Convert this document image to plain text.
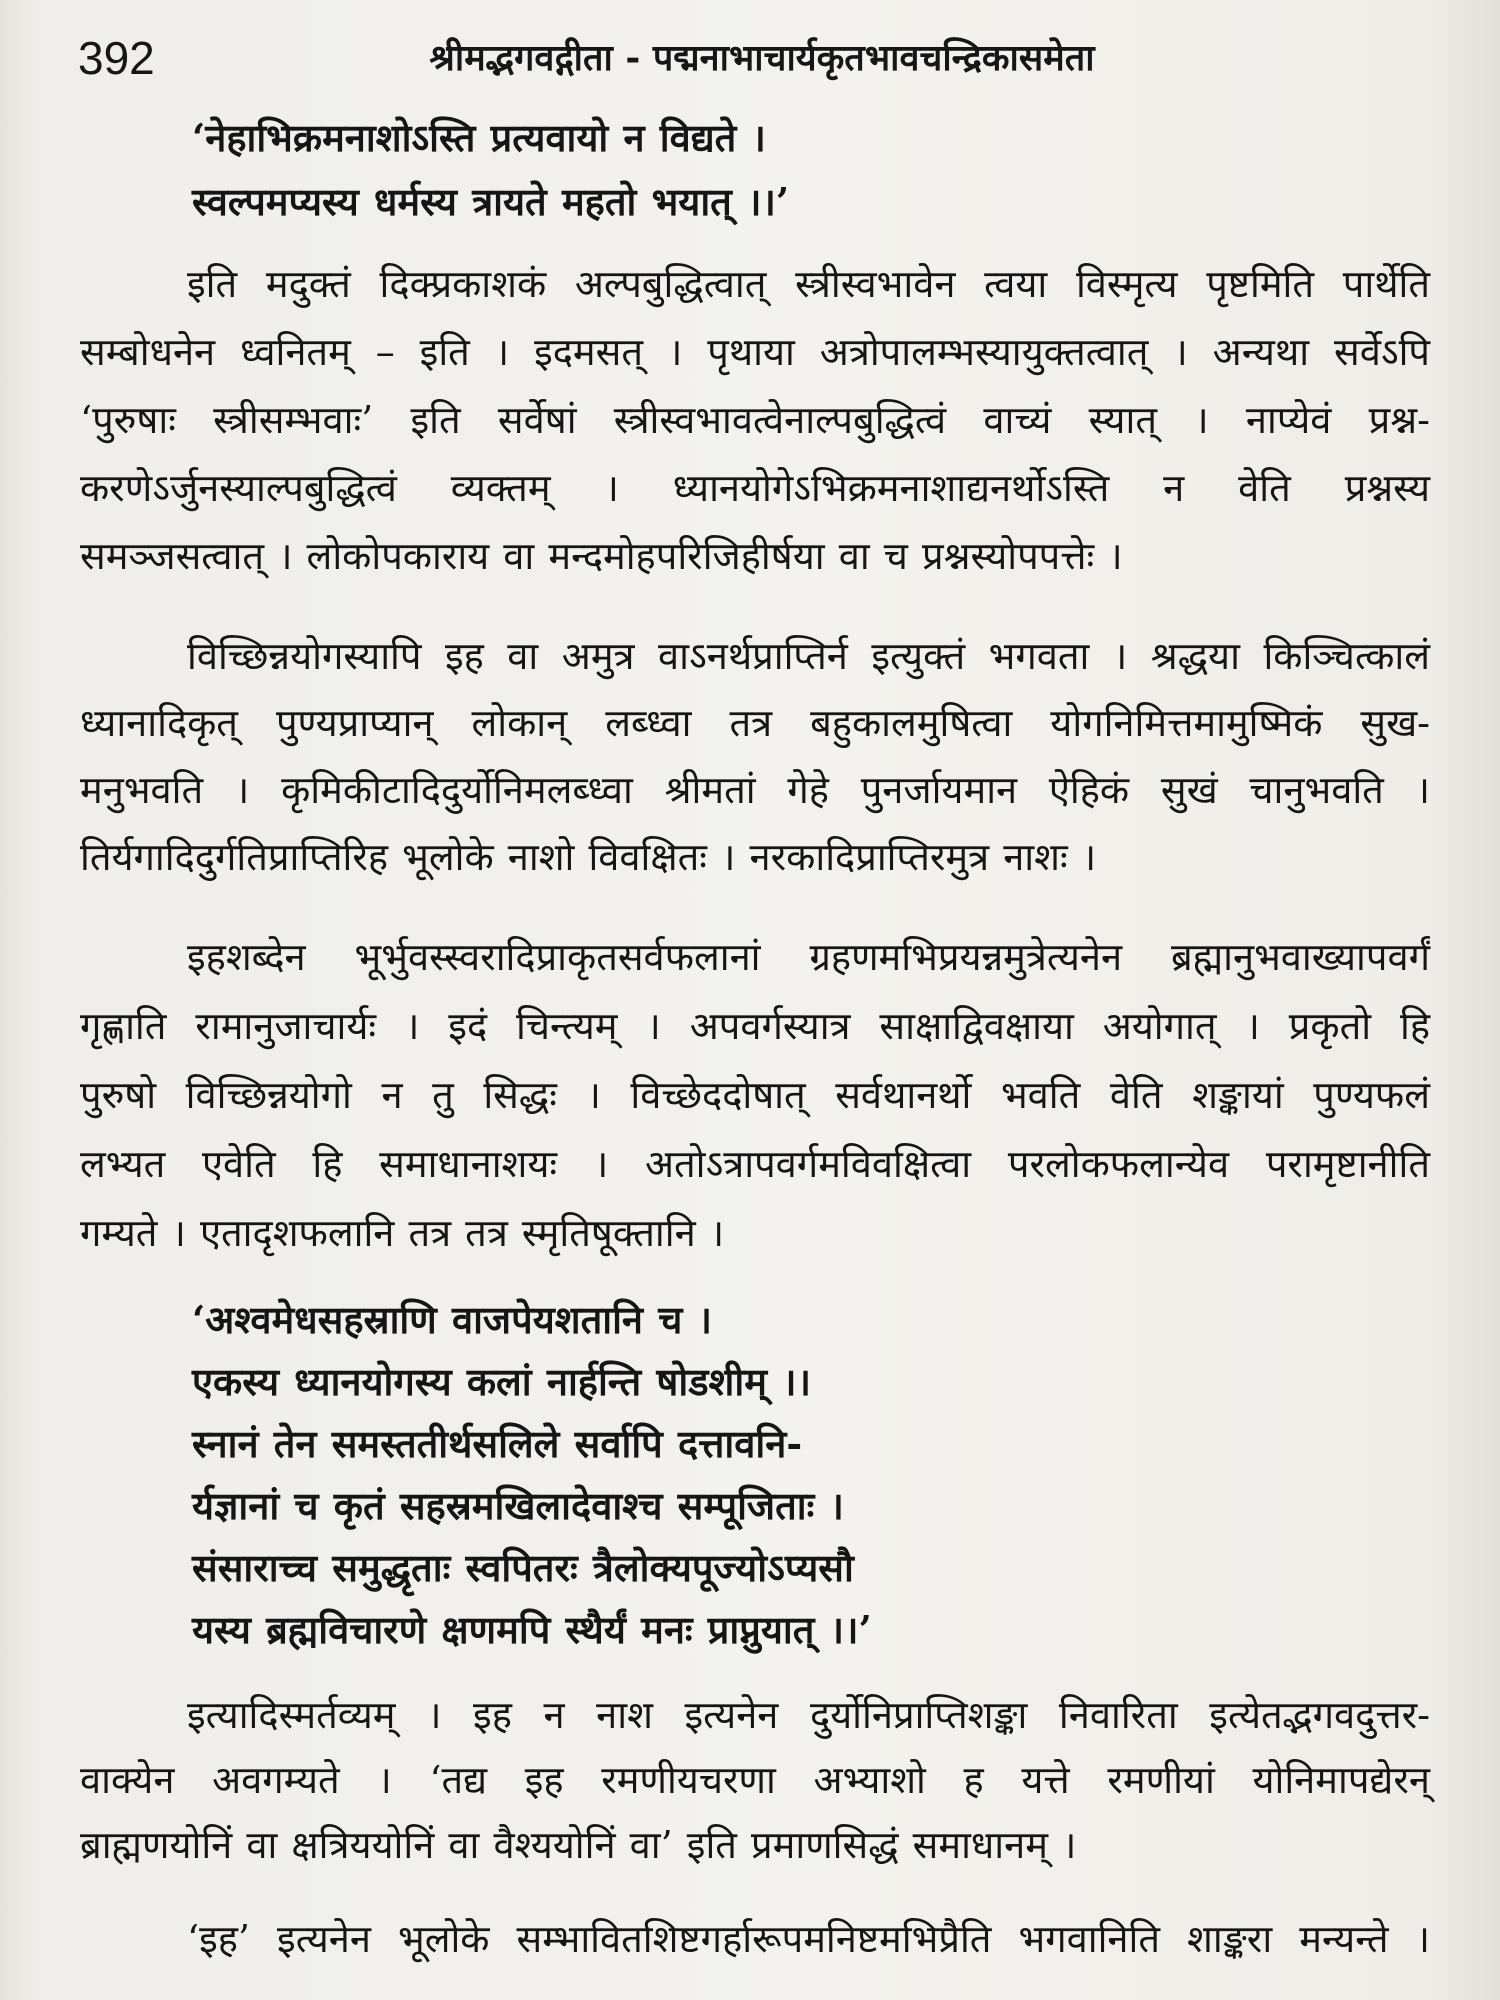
392	श्रीमद्भगवद्गीता - पद्मनाभाचार्यकृतभावचन्द्रिकासमेता
‘नेहाभिक्रमनाशोऽस्ति प्रत्यवायो न विद्यते ।
स्वल्पमप्यस्य धर्मस्य त्रायते महतो भयात् ।।’
इति मदुक्तं दिक्प्रकाशकं अल्पबुद्धित्वात् स्त्रीस्वभावेन त्वया विस्मृत्य पृष्टमिति पार्थेति
सम्बोधनेन ध्वनितम् – इति । इदमसत् । पृथाया अत्रोपालम्भस्यायुक्तत्वात् । अन्यथा सर्वेऽपि
‘पुरुषाः स्त्रीसम्भवाः’ इति सर्वेषां स्त्रीस्वभावत्वेनाल्पबुद्धित्वं वाच्यं स्यात् । नाप्येवं प्रश्न-
करणेऽर्जुनस्याल्पबुद्धित्वं व्यक्तम् । ध्यानयोगेऽभिक्रमनाशाद्यनर्थोऽस्ति न वेति प्रश्नस्य
समञ्जसत्वात् । लोकोपकाराय वा मन्दमोहपरिजिहीर्षया वा च प्रश्नस्योपपत्तेः ।
विच्छिन्नयोगस्यापि इह वा अमुत्र वाऽनर्थप्राप्तिर्न इत्युक्तं भगवता । श्रद्धया किञ्चित्कालं
ध्यानादिकृत् पुण्यप्राप्यान् लोकान् लब्ध्वा तत्र बहुकालमुषित्वा योगनिमित्तमामुष्मिकं सुख-
मनुभवति । कृमिकीटादिदुर्योनिमलब्ध्वा श्रीमतां गेहे पुनर्जायमान ऐहिकं सुखं चानुभवति ।
तिर्यगादिदुर्गतिप्राप्तिरिह भूलोके नाशो विवक्षितः । नरकादिप्राप्तिरमुत्र नाशः ।
इहशब्देन भूर्भुवस्स्वरादिप्राकृतसर्वफलानां ग्रहणमभिप्रयन्नमुत्रेत्यनेन ब्रह्मानुभवाख्यापवर्गं
गृह्णाति रामानुजाचार्यः । इदं चिन्त्यम् । अपवर्गस्यात्र साक्षाद्विवक्षाया अयोगात् । प्रकृतो हि
पुरुषो विच्छिन्नयोगो न तु सिद्धः । विच्छेददोषात् सर्वथानर्थो भवति वेति शङ्कायां पुण्यफलं
लभ्यत एवेति हि समाधानाशयः । अतोऽत्रापवर्गमविवक्षित्वा परलोकफलान्येव परामृष्टानीति
गम्यते । एतादृशफलानि तत्र तत्र स्मृतिषूक्तानि ।
‘अश्वमेधसहस्राणि वाजपेयशतानि च ।
एकस्य ध्यानयोगस्य कलां नार्हन्ति षोडशीम् ।।
स्नानं तेन समस्ततीर्थसलिले सर्वापि दत्तावनि-
र्यज्ञानां च कृतं सहस्रमखिलादेवाश्च सम्पूजिताः ।
संसाराच्च समुद्धृताः स्वपितरः त्रैलोक्यपूज्योऽप्यसौ
यस्य ब्रह्मविचारणे क्षणमपि स्थैर्यं मनः प्राप्नुयात् ।।’
इत्यादिस्मर्तव्यम् । इह न नाश इत्यनेन दुर्योनिप्राप्तिशङ्का निवारिता इत्येतद्भगवदुत्तर-
वाक्येन अवगम्यते । ‘तद्य इह रमणीयचरणा अभ्याशो ह यत्ते रमणीयां योनिमापद्येरन्
ब्राह्मणयोनिं वा क्षत्रिययोनिं वा वैश्ययोनिं वा’ इति प्रमाणसिद्धं समाधानम् ।
‘इह’ इत्यनेन भूलोके सम्भावितशिष्टगर्हारूपमनिष्टमभिप्रैति भगवानिति शाङ्करा मन्यन्ते ।
